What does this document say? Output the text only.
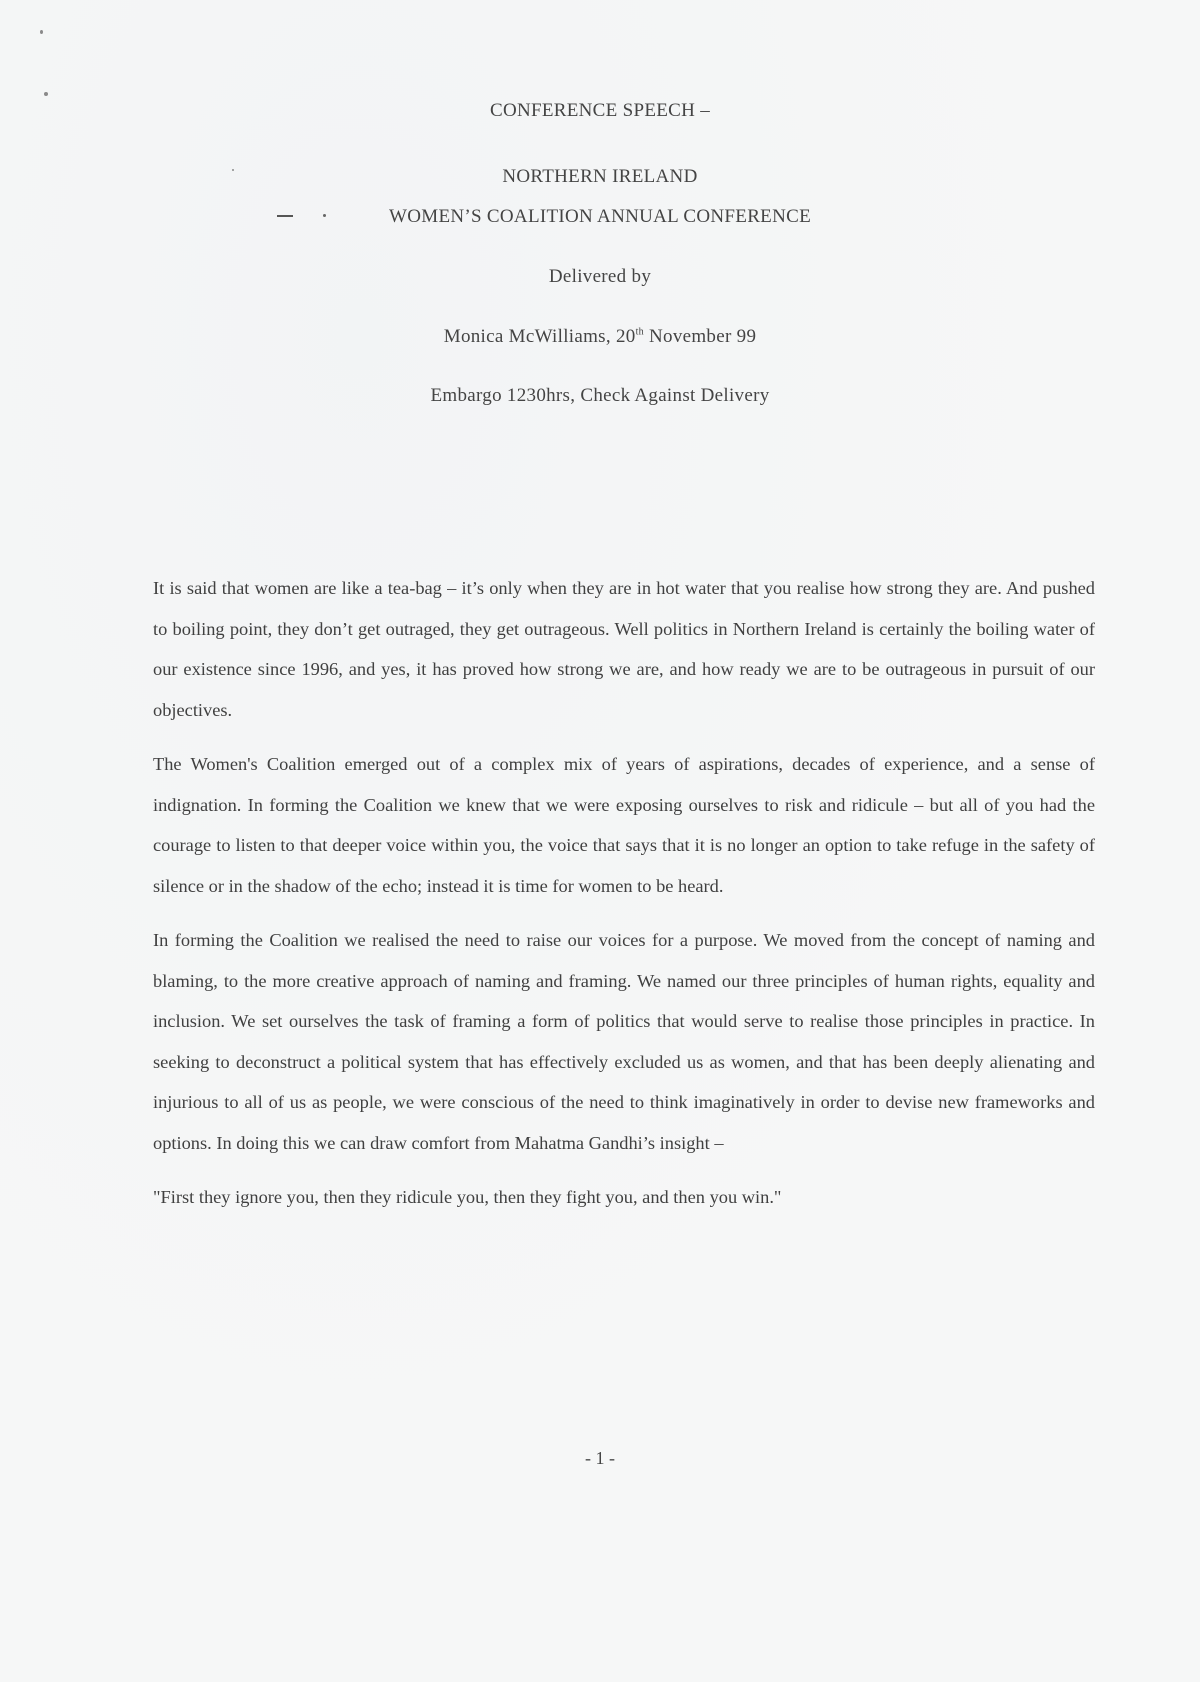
CONFERENCE SPEECH –
NORTHERN IRELAND
WOMEN’S COALITION ANNUAL CONFERENCE
Delivered by
Monica McWilliams, 20th November 99
Embargo 1230hrs, Check Against Delivery

It is said that women are like a tea-bag – it’s only when they are in hot water that you realise how strong they are. And pushed to boiling point, they don’t get outraged, they get outrageous. Well politics in Northern Ireland is certainly the boiling water of our existence since 1996, and yes, it has proved how strong we are, and how ready we are to be outrageous in pursuit of our objectives.

The Women's Coalition emerged out of a complex mix of years of aspirations, decades of experience, and a sense of indignation. In forming the Coalition we knew that we were exposing ourselves to risk and ridicule – but all of you had the courage to listen to that deeper voice within you, the voice that says that it is no longer an option to take refuge in the safety of silence or in the shadow of the echo; instead it is time for women to be heard.

In forming the Coalition we realised the need to raise our voices for a purpose. We moved from the concept of naming and blaming, to the more creative approach of naming and framing. We named our three principles of human rights, equality and inclusion. We set ourselves the task of framing a form of politics that would serve to realise those principles in practice. In seeking to deconstruct a political system that has effectively excluded us as women, and that has been deeply alienating and injurious to all of us as people, we were conscious of the need to think imaginatively in order to devise new frameworks and options. In doing this we can draw comfort from Mahatma Gandhi’s insight –

"First they ignore you, then they ridicule you, then they fight you, and then you win."

- 1 -
